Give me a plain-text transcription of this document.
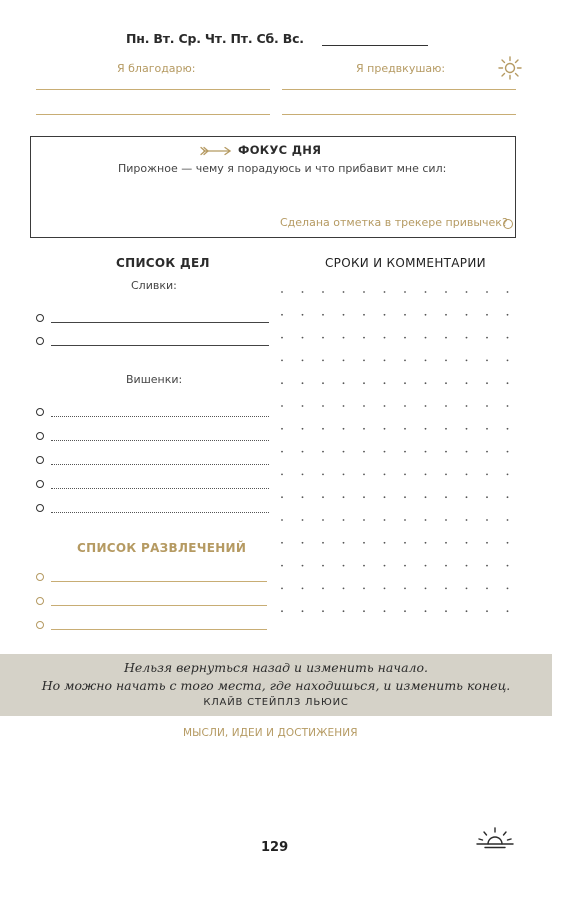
Пн. Вт. Ср. Чт. Пт. Сб. Вс.
Я благодарю:	Я предвкушаю:
ФОКУС ДНЯ
Пирожное — чему я порадуюсь и что прибавит мне сил:
Сделана отметка в трекере привычек?
СПИСОК ДЕЛ	СРОКИ И КОММЕНТАРИИ
Сливки:
Вишенки:
СПИСОК РАЗВЛЕЧЕНИЙ
Нельзя вернуться назад и изменить начало.
Но можно начать с того места, где находишься, и изменить конец.
КЛАЙВ СТЕЙПЛЗ ЛЬЮИС
МЫСЛИ, ИДЕИ И ДОСТИЖЕНИЯ
129
